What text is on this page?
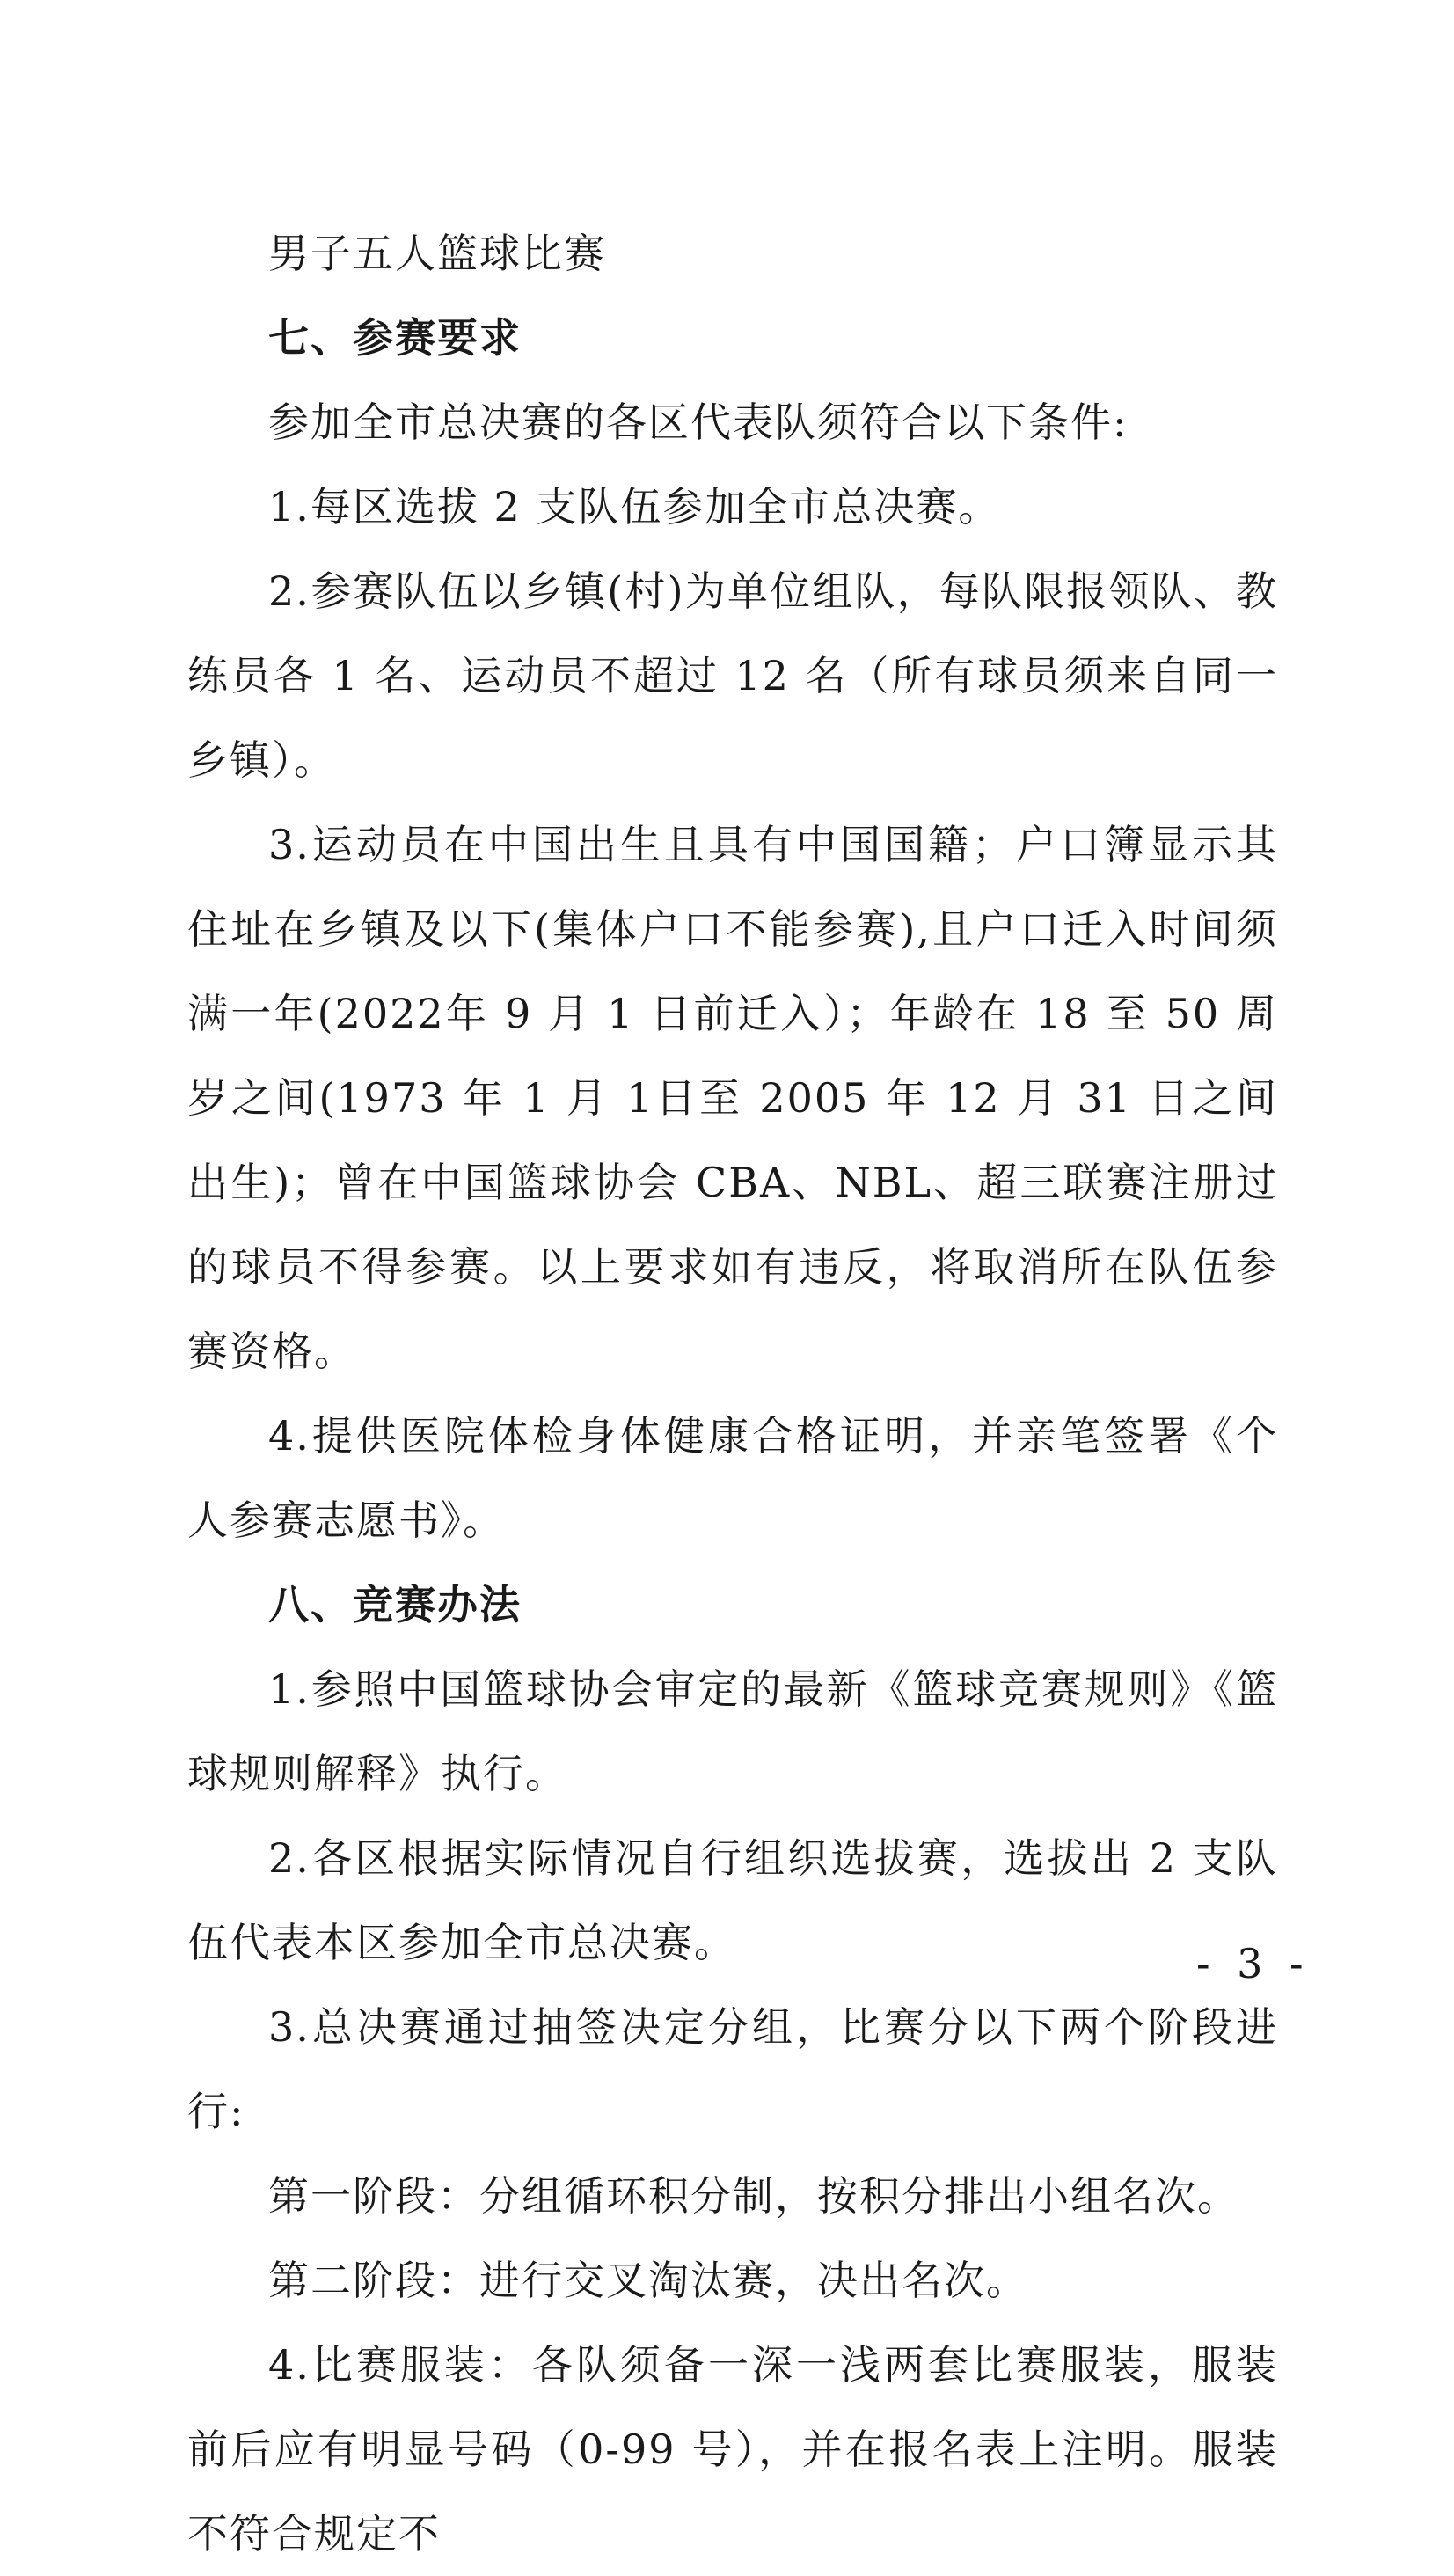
男子五人篮球比赛

七、参赛要求

参加全市总决赛的各区代表队须符合以下条件:

1.每区选拔 2 支队伍参加全市总决赛。

2.参赛队伍以乡镇(村)为单位组队，每队限报领队、教练员各 1 名、运动员不超过 12 名（所有球员须来自同一乡镇）。

3.运动员在中国出生且具有中国国籍；户口簿显示其住址在乡镇及以下(集体户口不能参赛),且户口迁入时间须满一年(2022年 9 月 1 日前迁入）；年龄在 18 至 50 周岁之间(1973 年 1 月 1日至 2005 年 12 月 31 日之间出生)；曾在中国篮球协会 CBA、NBL、超三联赛注册过的球员不得参赛。以上要求如有违反，将取消所在队伍参赛资格。

4.提供医院体检身体健康合格证明，并亲笔签署《个人参赛志愿书》。

八、竞赛办法

1.参照中国篮球协会审定的最新《篮球竞赛规则》《篮球规则解释》执行。

2.各区根据实际情况自行组织选拔赛，选拔出 2 支队伍代表本区参加全市总决赛。

3.总决赛通过抽签决定分组，比赛分以下两个阶段进行:

第一阶段：分组循环积分制，按积分排出小组名次。

第二阶段：进行交叉淘汰赛，决出名次。

4.比赛服装：各队须备一深一浅两套比赛服装，服装前后应有明显号码（0-99 号），并在报名表上注明。服装不符合规定不

- 3 -
